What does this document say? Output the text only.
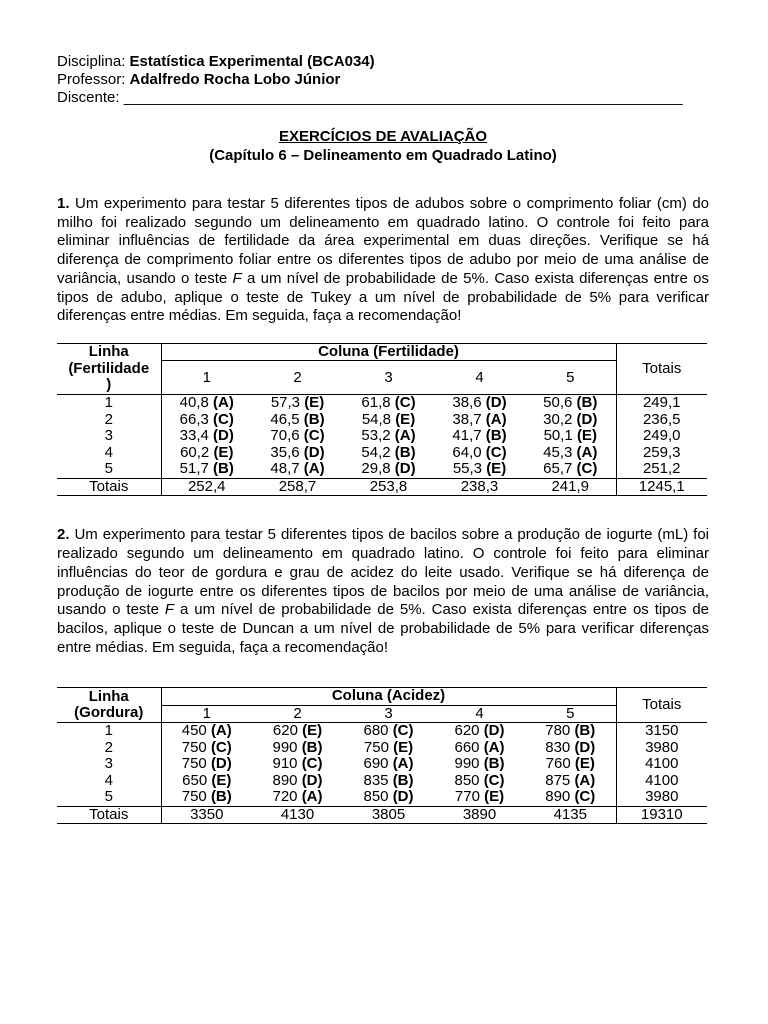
Disciplina: Estatística Experimental (BCA034)
Professor: Adalfredo Rocha Lobo Júnior
Discente: ___________________________________________________________________
EXERCÍCIOS DE AVALIAÇÃO
(Capítulo 6 – Delineamento em Quadrado Latino)
1. Um experimento para testar 5 diferentes tipos de adubos sobre o comprimento foliar (cm) do milho foi realizado segundo um delineamento em quadrado latino. O controle foi feito para eliminar influências de fertilidade da área experimental em duas direções. Verifique se há diferença de comprimento foliar entre os diferentes tipos de adubo por meio de uma análise de variância, usando o teste F a um nível de probabilidade de 5%. Caso exista diferenças entre os tipos de adubo, aplique o teste de Tukey a um nível de probabilidade de 5% para verificar diferenças entre médias. Em seguida, faça a recomendação!
Linha
(Fertilidade
)	Coluna (Fertilidade)					Totais
	1	2	3	4	5	
1	40,8 (A)	57,3 (E)	61,8 (C)	38,6 (D)	50,6 (B)	249,1
2	66,3 (C)	46,5 (B)	54,8 (E)	38,7 (A)	30,2 (D)	236,5
3	33,4 (D)	70,6 (C)	53,2 (A)	41,7 (B)	50,1 (E)	249,0
4	60,2 (E)	35,6 (D)	54,2 (B)	64,0 (C)	45,3 (A)	259,3
5	51,7 (B)	48,7 (A)	29,8 (D)	55,3 (E)	65,7 (C)	251,2
Totais	252,4	258,7	253,8	238,3	241,9	1245,1
2. Um experimento para testar 5 diferentes tipos de bacilos sobre a produção de iogurte (mL) foi realizado segundo um delineamento em quadrado latino. O controle foi feito para eliminar influências do teor de gordura e grau de acidez do leite usado. Verifique se há diferença de produção de iogurte entre os diferentes tipos de bacilos por meio de uma análise de variância, usando o teste F a um nível de probabilidade de 5%. Caso exista diferenças entre os tipos de bacilos, aplique o teste de Duncan a um nível de probabilidade de 5% para verificar diferenças entre médias. Em seguida, faça a recomendação!
Linha
(Gordura)	Coluna (Acidez)					Totais
	1	2	3	4	5	
1	450 (A)	620 (E)	680 (C)	620 (D)	780 (B)	3150
2	750 (C)	990 (B)	750 (E)	660 (A)	830 (D)	3980
3	750 (D)	910 (C)	690 (A)	990 (B)	760 (E)	4100
4	650 (E)	890 (D)	835 (B)	850 (C)	875 (A)	4100
5	750 (B)	720 (A)	850 (D)	770 (E)	890 (C)	3980
Totais	3350	4130	3805	3890	4135	19310
